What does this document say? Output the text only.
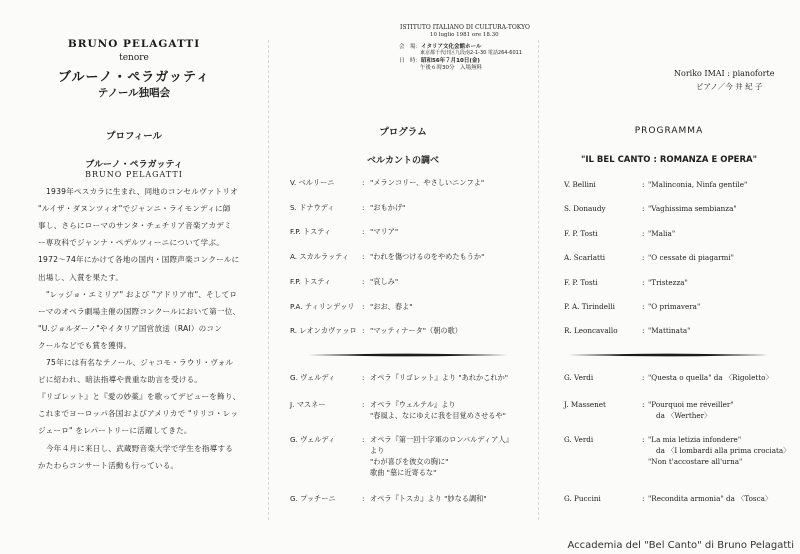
BRUNO PELAGATTI
tenore
ブルーノ・ペラガッティ
テノール独唱会
プロフィール
ブルーノ・ペラガッティ
BRUNO PELAGATTI
1939年ペスカラに生まれ、同地のコンセルヴァトリオ
"ルイザ・ダヌンツィオ"でジャンニ・ライモンディに師
事し、さらにローマのサンタ・チェチリア音楽アカデミ
ー専攻科でジャンナ・ペデルツィーニについて学ぶ。
1972〜74年にかけて各地の国内・国際声楽コンクールに
出場し、入賞を果たす。
"レッジョ・エミリア" および "アドリア市"、そしてロ
ーマのオペラ劇場主催の国際コンクールにおいて第一位、
"U.ジョルダーノ"やイタリア国営放送（RAI）のコン
クールなどでも賞を獲得。
75年には有名なテノール、ジャコモ・ラウリ・ヴォル
ピに紹われ、暗法指導や貴重な助言を受ける。
『リゴレット』と『愛の妙薬』を歌ってデビューを飾り、
これまでヨーロッパ各国およびアメリカで "リリコ・レッ
ジェーロ" をレパートリーに活躍してきた。
今年４月に来日し、武蔵野音楽大学で学生を指導する
かたわらコンサート活動も行っている。
ISTITUTO ITALIANO DI CULTURA-TOKYO
10 luglio 1981 ore 18.30
会　場：イタリア文化会館ホール
東京都千代田区九段南2-1-30 電話264-6011
日　時：昭和56年７月10日(金)
午後６時30分　入場無料
プログラム
ベルカントの調べ
V. ベルリーニ	: "メランコリー、やさしいニンフよ"
S. ドナウディ	: "おもかげ"
F.P. トスティ	: "マリア"
A. スカルラッティ : "われを傷つけるのをやめたもうか"
F.P. トスティ	: "哀しみ"
P.A. ティリンデッリ : "おお、春よ"
R. レオンカヴァッロ : "マッティナータ"（朝の歌）
G. ヴェルディ	: オペラ『リゴレット』より "あれかこれか"
J. マスネー	: オペラ『ウェルテル』より
"春風よ、なにゆえに我を目覚めさせるや"
G. ヴェルディ	: オペラ『第一回十字軍のロンバルディア人』
より
"わが喜びを彼女の胸に"
歌曲 "墓に近寄るな"
G. プッチーニ	: オペラ『トスカ』より "妙なる調和"
Noriko IMAI : pianoforte
ピアノ／今 井 紀 子
PROGRAMMA
"IL BEL CANTO : ROMANZA E OPERA"
V. Bellini	: "Malinconia, Ninfa gentile"
S. Donaudy	: "Vaghissima sembianza"
F. P. Tosti	: "Malia"
A. Scarlatti	: "O cessate di piagarmi"
F. P. Tosti	: "Tristezza"
P. A. Tirindelli	: "O primavera"
R. Leoncavallo	: "Mattinata"
G. Verdi	: "Questa o quella" da 〈Rigoletto〉
J. Massenet	: "Pourquoi me réveiller"
da 〈Werther〉
G. Verdi	: "La mia letizia infondere"
da 〈I lombardi alla prima crociata〉
"Non t'accostare all'urna"
G. Puccini	: "Recondita armonia" da 〈Tosca〉
Accademia del "Bel Canto" di Bruno Pelagatti
